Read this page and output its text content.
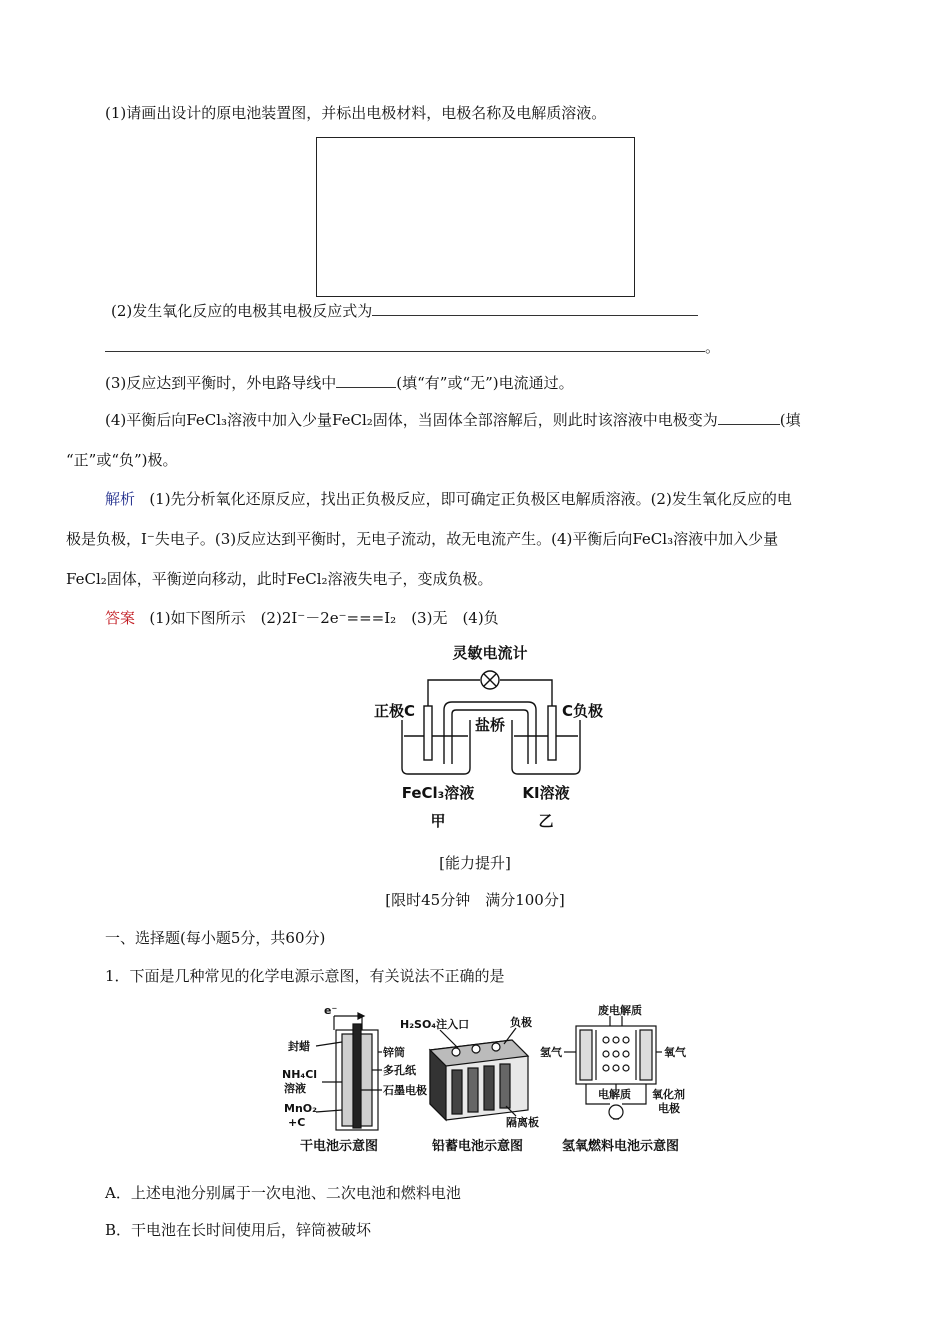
(1)请画出设计的原电池装置图，并标出电极材料，电极名称及电解质溶液。
(2)发生氧化反应的电极其电极反应式为
。
(3)反应达到平衡时，外电路导线中	(填“有”或“无”)电流通过。
(4)平衡后向FeCl₃溶液中加入少量FeCl₂固体，当固体全部溶解后，则此时该溶液中电极变为	(填
“正”或“负”)极。
解析 (1)先分析氧化还原反应，找出正负极反应，即可确定正负极区电解质溶液。(2)发生氧化反应的电
极是负极，I⁻失电子。(3)反应达到平衡时，无电子流动，故无电流产生。(4)平衡后向FeCl₃溶液中加入少量
FeCl₂固体，平衡逆向移动，此时FeCl₂溶液失电子，变成负极。
答案 (1)如下图所示　(2)2I⁻－2e⁻===I₂　(3)无　(4)负
灵敏电流计
正极C	C负极
盐桥
FeCl₃溶液	KI溶液
甲	乙
[能力提升]
[限时45分钟　满分100分]
一、选择题(每小题5分，共60分)
1．下面是几种常见的化学电源示意图，有关说法不正确的是
e⁻
封蜡
NH₄Cl
溶液
MnO₂
+C
锌筒
多孔纸
石墨电极
干电池示意图
H₂SO₄注入口	负极
隔离板
铅蓄电池示意图
废电解质
氢气	氧气
电解质 氧化剂
电极
氢氧燃料电池示意图
A．上述电池分别属于一次电池、二次电池和燃料电池
B．干电池在长时间使用后，锌筒被破坏
